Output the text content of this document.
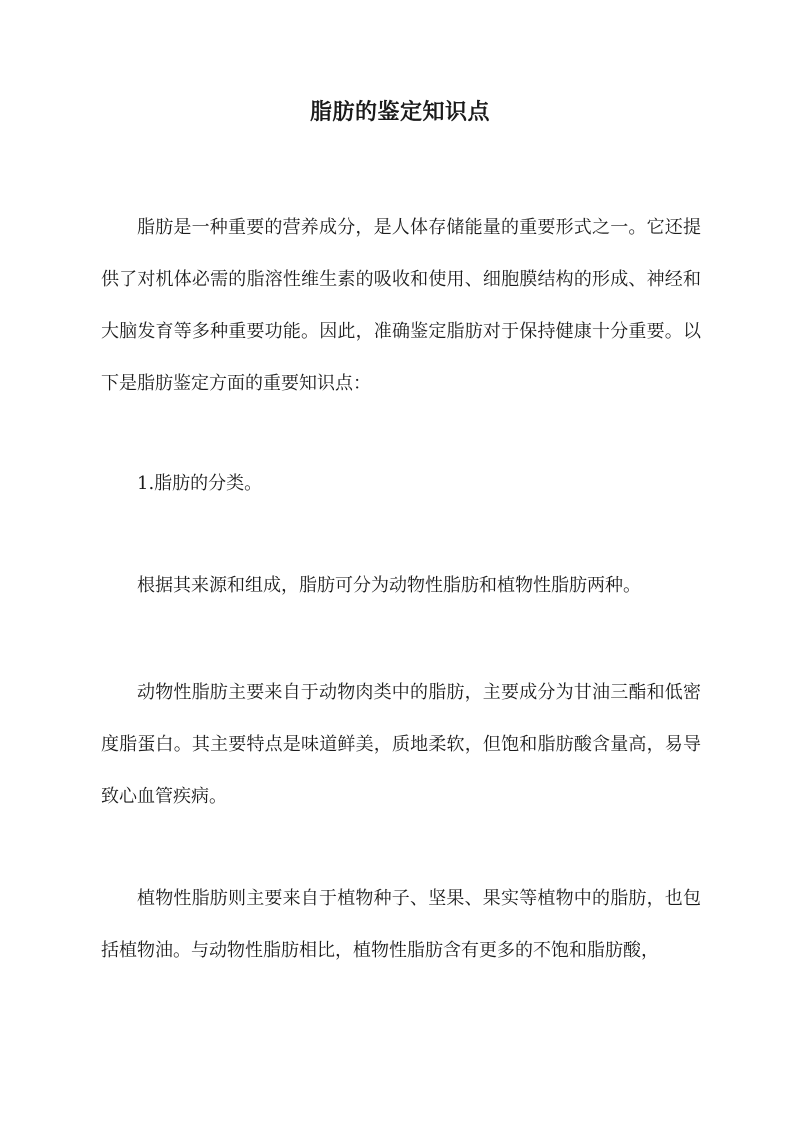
脂肪的鉴定知识点

脂肪是一种重要的营养成分，是人体存储能量的重要形式之一。它还提供了对机体必需的脂溶性维生素的吸收和使用、细胞膜结构的形成、神经和大脑发育等多种重要功能。因此，准确鉴定脂肪对于保持健康十分重要。以下是脂肪鉴定方面的重要知识点：

1.脂肪的分类。

根据其来源和组成，脂肪可分为动物性脂肪和植物性脂肪两种。

动物性脂肪主要来自于动物肉类中的脂肪，主要成分为甘油三酯和低密度脂蛋白。其主要特点是味道鲜美，质地柔软，但饱和脂肪酸含量高，易导致心血管疾病。

植物性脂肪则主要来自于植物种子、坚果、果实等植物中的脂肪，也包括植物油。与动物性脂肪相比，植物性脂肪含有更多的不饱和脂肪酸，
